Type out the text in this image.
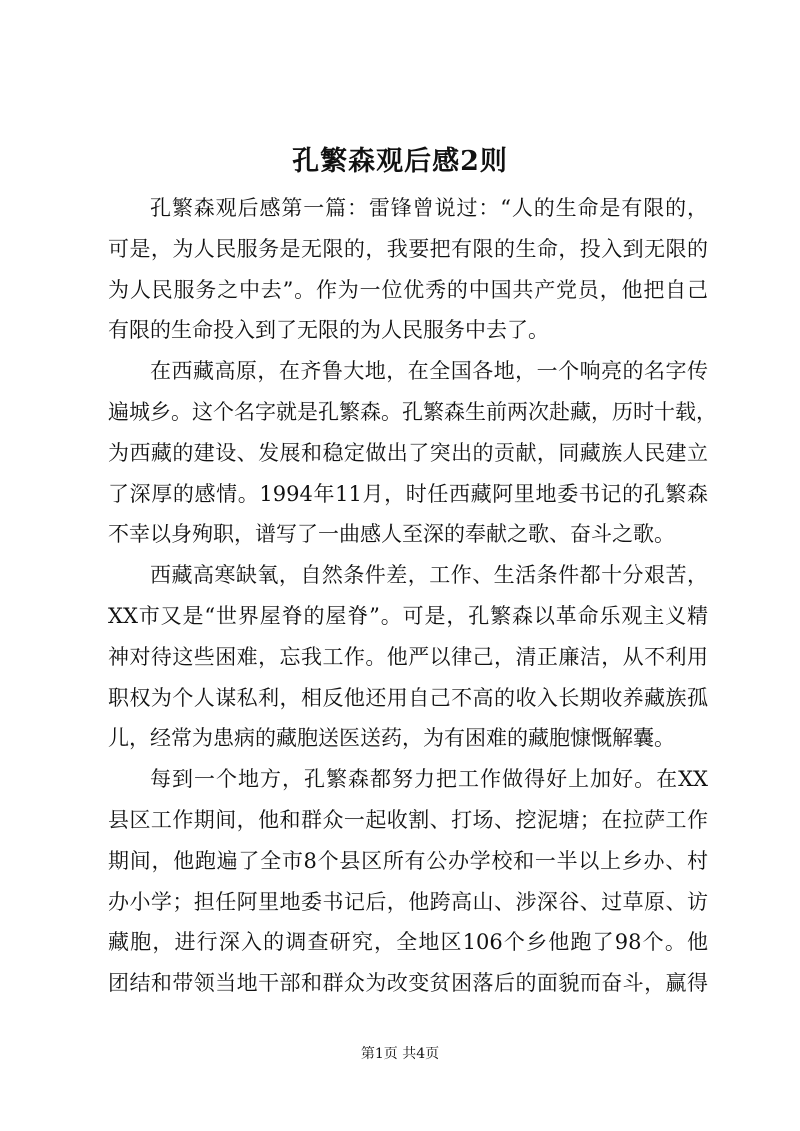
孔繁森观后感2则

孔繁森观后感第一篇：雷锋曾说过：“人的生命是有限的，
可是，为人民服务是无限的，我要把有限的生命，投入到无限的
为人民服务之中去”。作为一位优秀的中国共产党员，他把自己
有限的生命投入到了无限的为人民服务中去了。

在西藏高原，在齐鲁大地，在全国各地，一个响亮的名字传
遍城乡。这个名字就是孔繁森。孔繁森生前两次赴藏，历时十载，
为西藏的建设、发展和稳定做出了突出的贡献，同藏族人民建立
了深厚的感情。1994年11月，时任西藏阿里地委书记的孔繁森
不幸以身殉职，谱写了一曲感人至深的奉献之歌、奋斗之歌。

西藏高寒缺氧，自然条件差，工作、生活条件都十分艰苦，
XX市又是“世界屋脊的屋脊”。可是，孔繁森以革命乐观主义精
神对待这些困难，忘我工作。他严以律己，清正廉洁，从不利用
职权为个人谋私利，相反他还用自己不高的收入长期收养藏族孤
儿，经常为患病的藏胞送医送药，为有困难的藏胞慷慨解囊。

每到一个地方，孔繁森都努力把工作做得好上加好。在XX
县区工作期间，他和群众一起收割、打场、挖泥塘；在拉萨工作
期间，他跑遍了全市8个县区所有公办学校和一半以上乡办、村
办小学；担任阿里地委书记后，他跨高山、涉深谷、过草原、访
藏胞，进行深入的调查研究，全地区106个乡他跑了98个。他
团结和带领当地干部和群众为改变贫困落后的面貌而奋斗，赢得

第1页 共4页
